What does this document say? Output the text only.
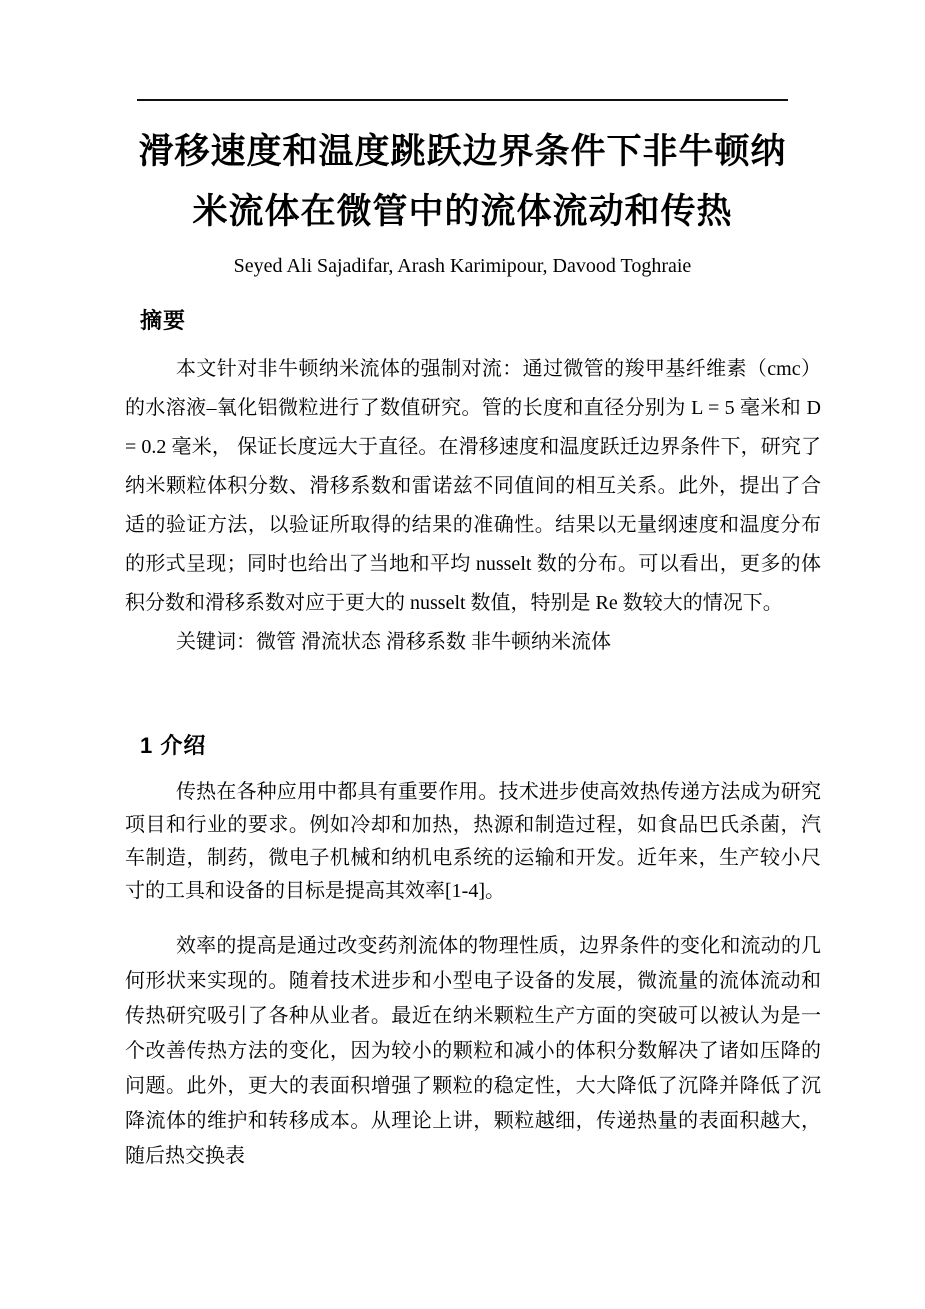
滑移速度和温度跳跃边界条件下非牛顿纳
米流体在微管中的流体流动和传热
Seyed Ali Sajadifar, Arash Karimipour, Davood Toghraie
摘要
本文针对非牛顿纳米流体的强制对流：通过微管的羧甲基纤维素（cmc）的水溶液–氧化铝微粒进行了数值研究。管的长度和直径分别为 L = 5 毫米和 D = 0.2 毫米， 保证长度远大于直径。在滑移速度和温度跃迁边界条件下，研究了纳米颗粒体积分数、滑移系数和雷诺兹不同值间的相互关系。此外，提出了合适的验证方法，以验证所取得的结果的准确性。结果以无量纲速度和温度分布的形式呈现；同时也给出了当地和平均 nusselt 数的分布。可以看出，更多的体积分数和滑移系数对应于更大的 nusselt 数值，特别是 Re 数较大的情况下。
关键词：微管 滑流状态 滑移系数 非牛顿纳米流体
1 介绍
传热在各种应用中都具有重要作用。技术进步使高效热传递方法成为研究项目和行业的要求。例如冷却和加热，热源和制造过程，如食品巴氏杀菌，汽车制造，制药，微电子机械和纳机电系统的运输和开发。近年来，生产较小尺寸的工具和设备的目标是提高其效率[1-4]。
效率的提高是通过改变药剂流体的物理性质，边界条件的变化和流动的几何形状来实现的。随着技术进步和小型电子设备的发展，微流量的流体流动和传热研究吸引了各种从业者。最近在纳米颗粒生产方面的突破可以被认为是一个改善传热方法的变化，因为较小的颗粒和减小的体积分数解决了诸如压降的问题。此外，更大的表面积增强了颗粒的稳定性，大大降低了沉降并降低了沉降流体的维护和转移成本。从理论上讲，颗粒越细，传递热量的表面积越大，随后热交换表
